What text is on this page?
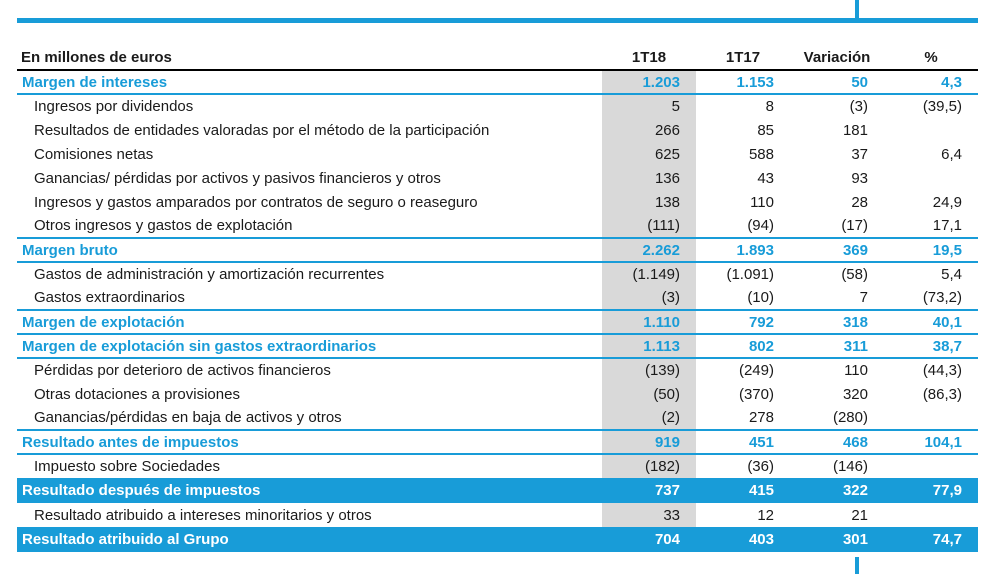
En millones de euros	1T18	1T17	Variación	%
Margen de intereses	1.203	1.153	50	4,3
Ingresos por dividendos	5	8	(3)	(39,5)
Resultados de entidades valoradas por el método de la participación	266	85	181	
Comisiones netas	625	588	37	6,4
Ganancias/ pérdidas por activos y pasivos financieros y otros	136	43	93	
Ingresos y gastos amparados por contratos de seguro o reaseguro	138	110	28	24,9
Otros ingresos y gastos de explotación	(111)	(94)	(17)	17,1
Margen bruto	2.262	1.893	369	19,5
Gastos de administración y amortización recurrentes	(1.149)	(1.091)	(58)	5,4
Gastos extraordinarios	(3)	(10)	7	(73,2)
Margen de explotación	1.110	792	318	40,1
Margen de explotación sin gastos extraordinarios	1.113	802	311	38,7
Pérdidas por deterioro de activos financieros	(139)	(249)	110	(44,3)
Otras dotaciones a provisiones	(50)	(370)	320	(86,3)
Ganancias/pérdidas en baja de activos y otros	(2)	278	(280)	
Resultado antes de impuestos	919	451	468	104,1
Impuesto sobre Sociedades	(182)	(36)	(146)	
Resultado después de impuestos	737	415	322	77,9
Resultado atribuido a intereses minoritarios y otros	33	12	21	
Resultado atribuido al Grupo	704	403	301	74,7
